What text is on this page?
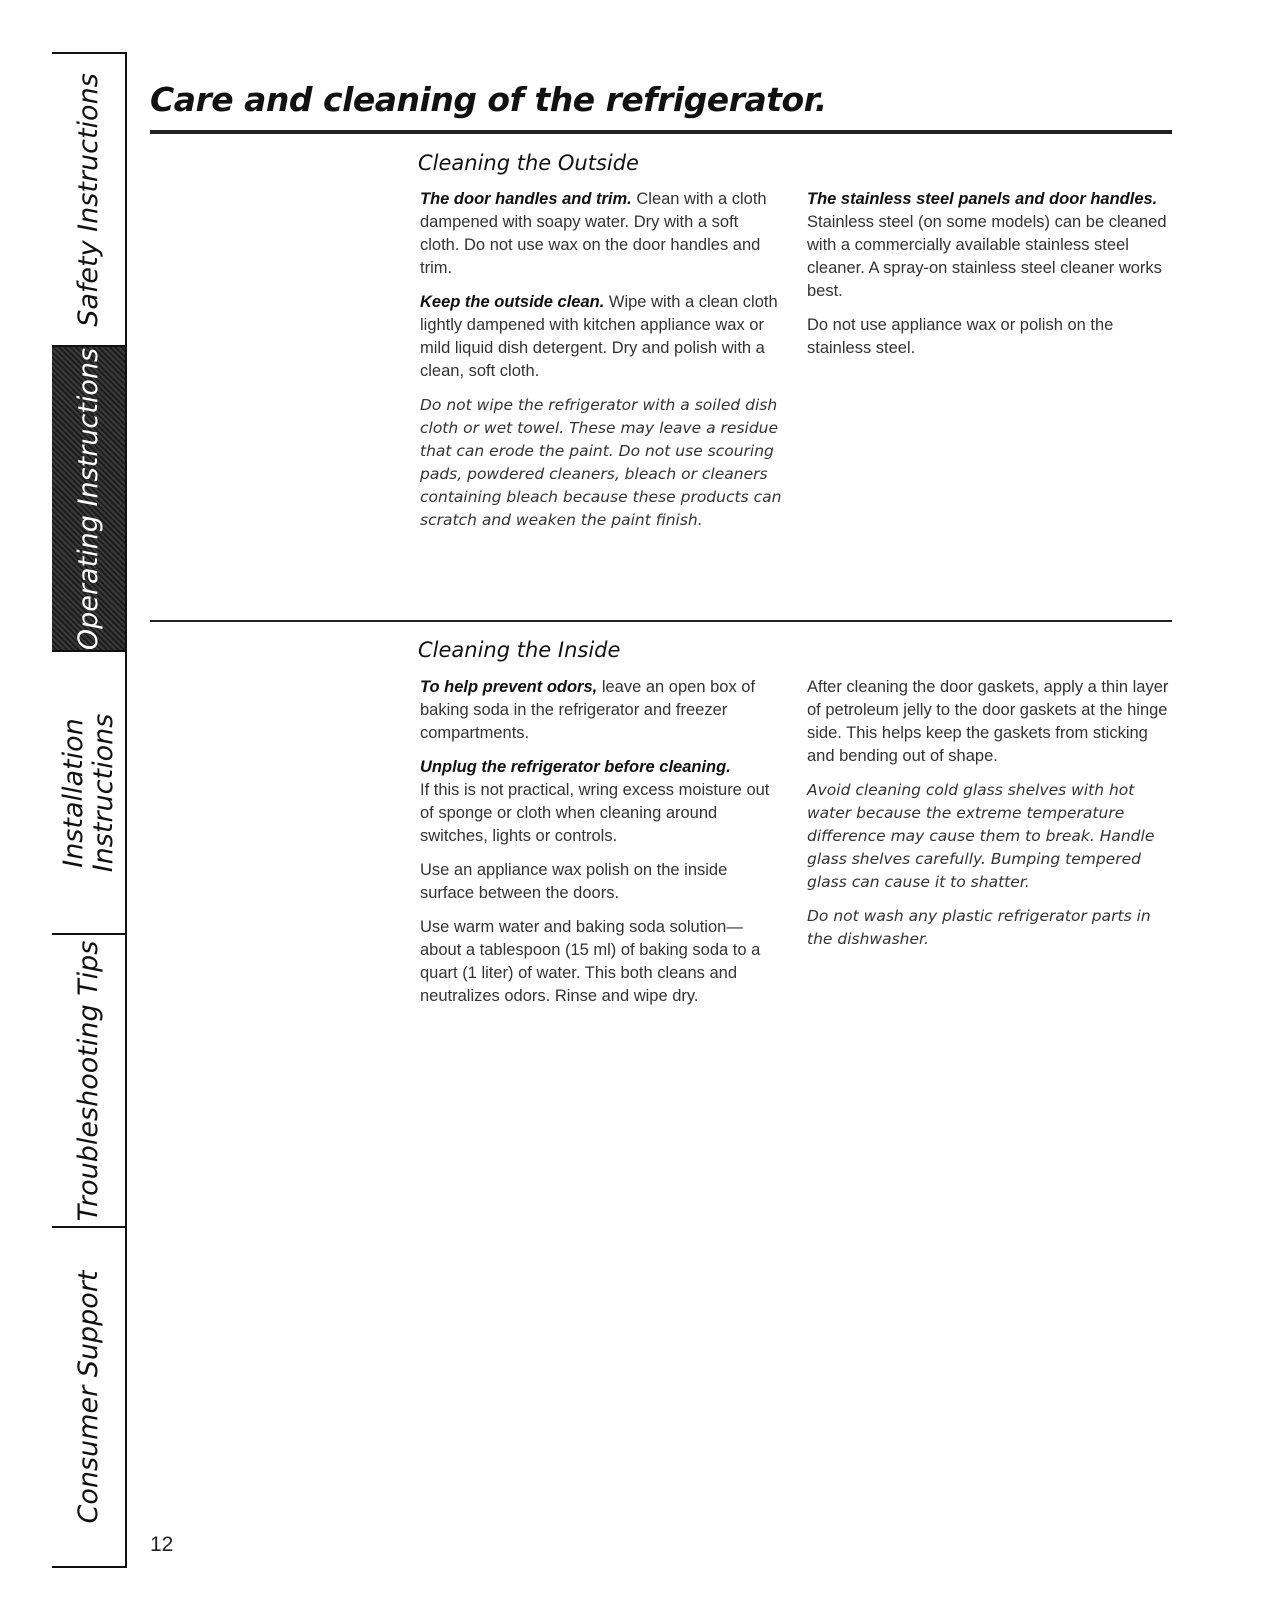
Safety Instructions
Operating Instructions
Installation Instructions
Troubleshooting Tips
Consumer Support
Care and cleaning of the refrigerator.
Cleaning the Outside

The door handles and trim. Clean with a cloth dampened with soapy water. Dry with a soft cloth. Do not use wax on the door handles and trim.

Keep the outside clean. Wipe with a clean cloth lightly dampened with kitchen appliance wax or mild liquid dish detergent. Dry and polish with a clean, soft cloth.

Do not wipe the refrigerator with a soiled dish cloth or wet towel. These may leave a residue that can erode the paint. Do not use scouring pads, powdered cleaners, bleach or cleaners containing bleach because these products can scratch and weaken the paint finish.

The stainless steel panels and door handles. Stainless steel (on some models) can be cleaned with a commercially available stainless steel cleaner. A spray-on stainless steel cleaner works best.

Do not use appliance wax or polish on the stainless steel.

Cleaning the Inside

To help prevent odors, leave an open box of baking soda in the refrigerator and freezer compartments.

Unplug the refrigerator before cleaning.
If this is not practical, wring excess moisture out of sponge or cloth when cleaning around switches, lights or controls.

Use an appliance wax polish on the inside surface between the doors.

Use warm water and baking soda solution—about a tablespoon (15 ml) of baking soda to a quart (1 liter) of water. This both cleans and neutralizes odors. Rinse and wipe dry.

After cleaning the door gaskets, apply a thin layer of petroleum jelly to the door gaskets at the hinge side. This helps keep the gaskets from sticking and bending out of shape.

Avoid cleaning cold glass shelves with hot water because the extreme temperature difference may cause them to break. Handle glass shelves carefully. Bumping tempered glass can cause it to shatter.

Do not wash any plastic refrigerator parts in the dishwasher.

12
